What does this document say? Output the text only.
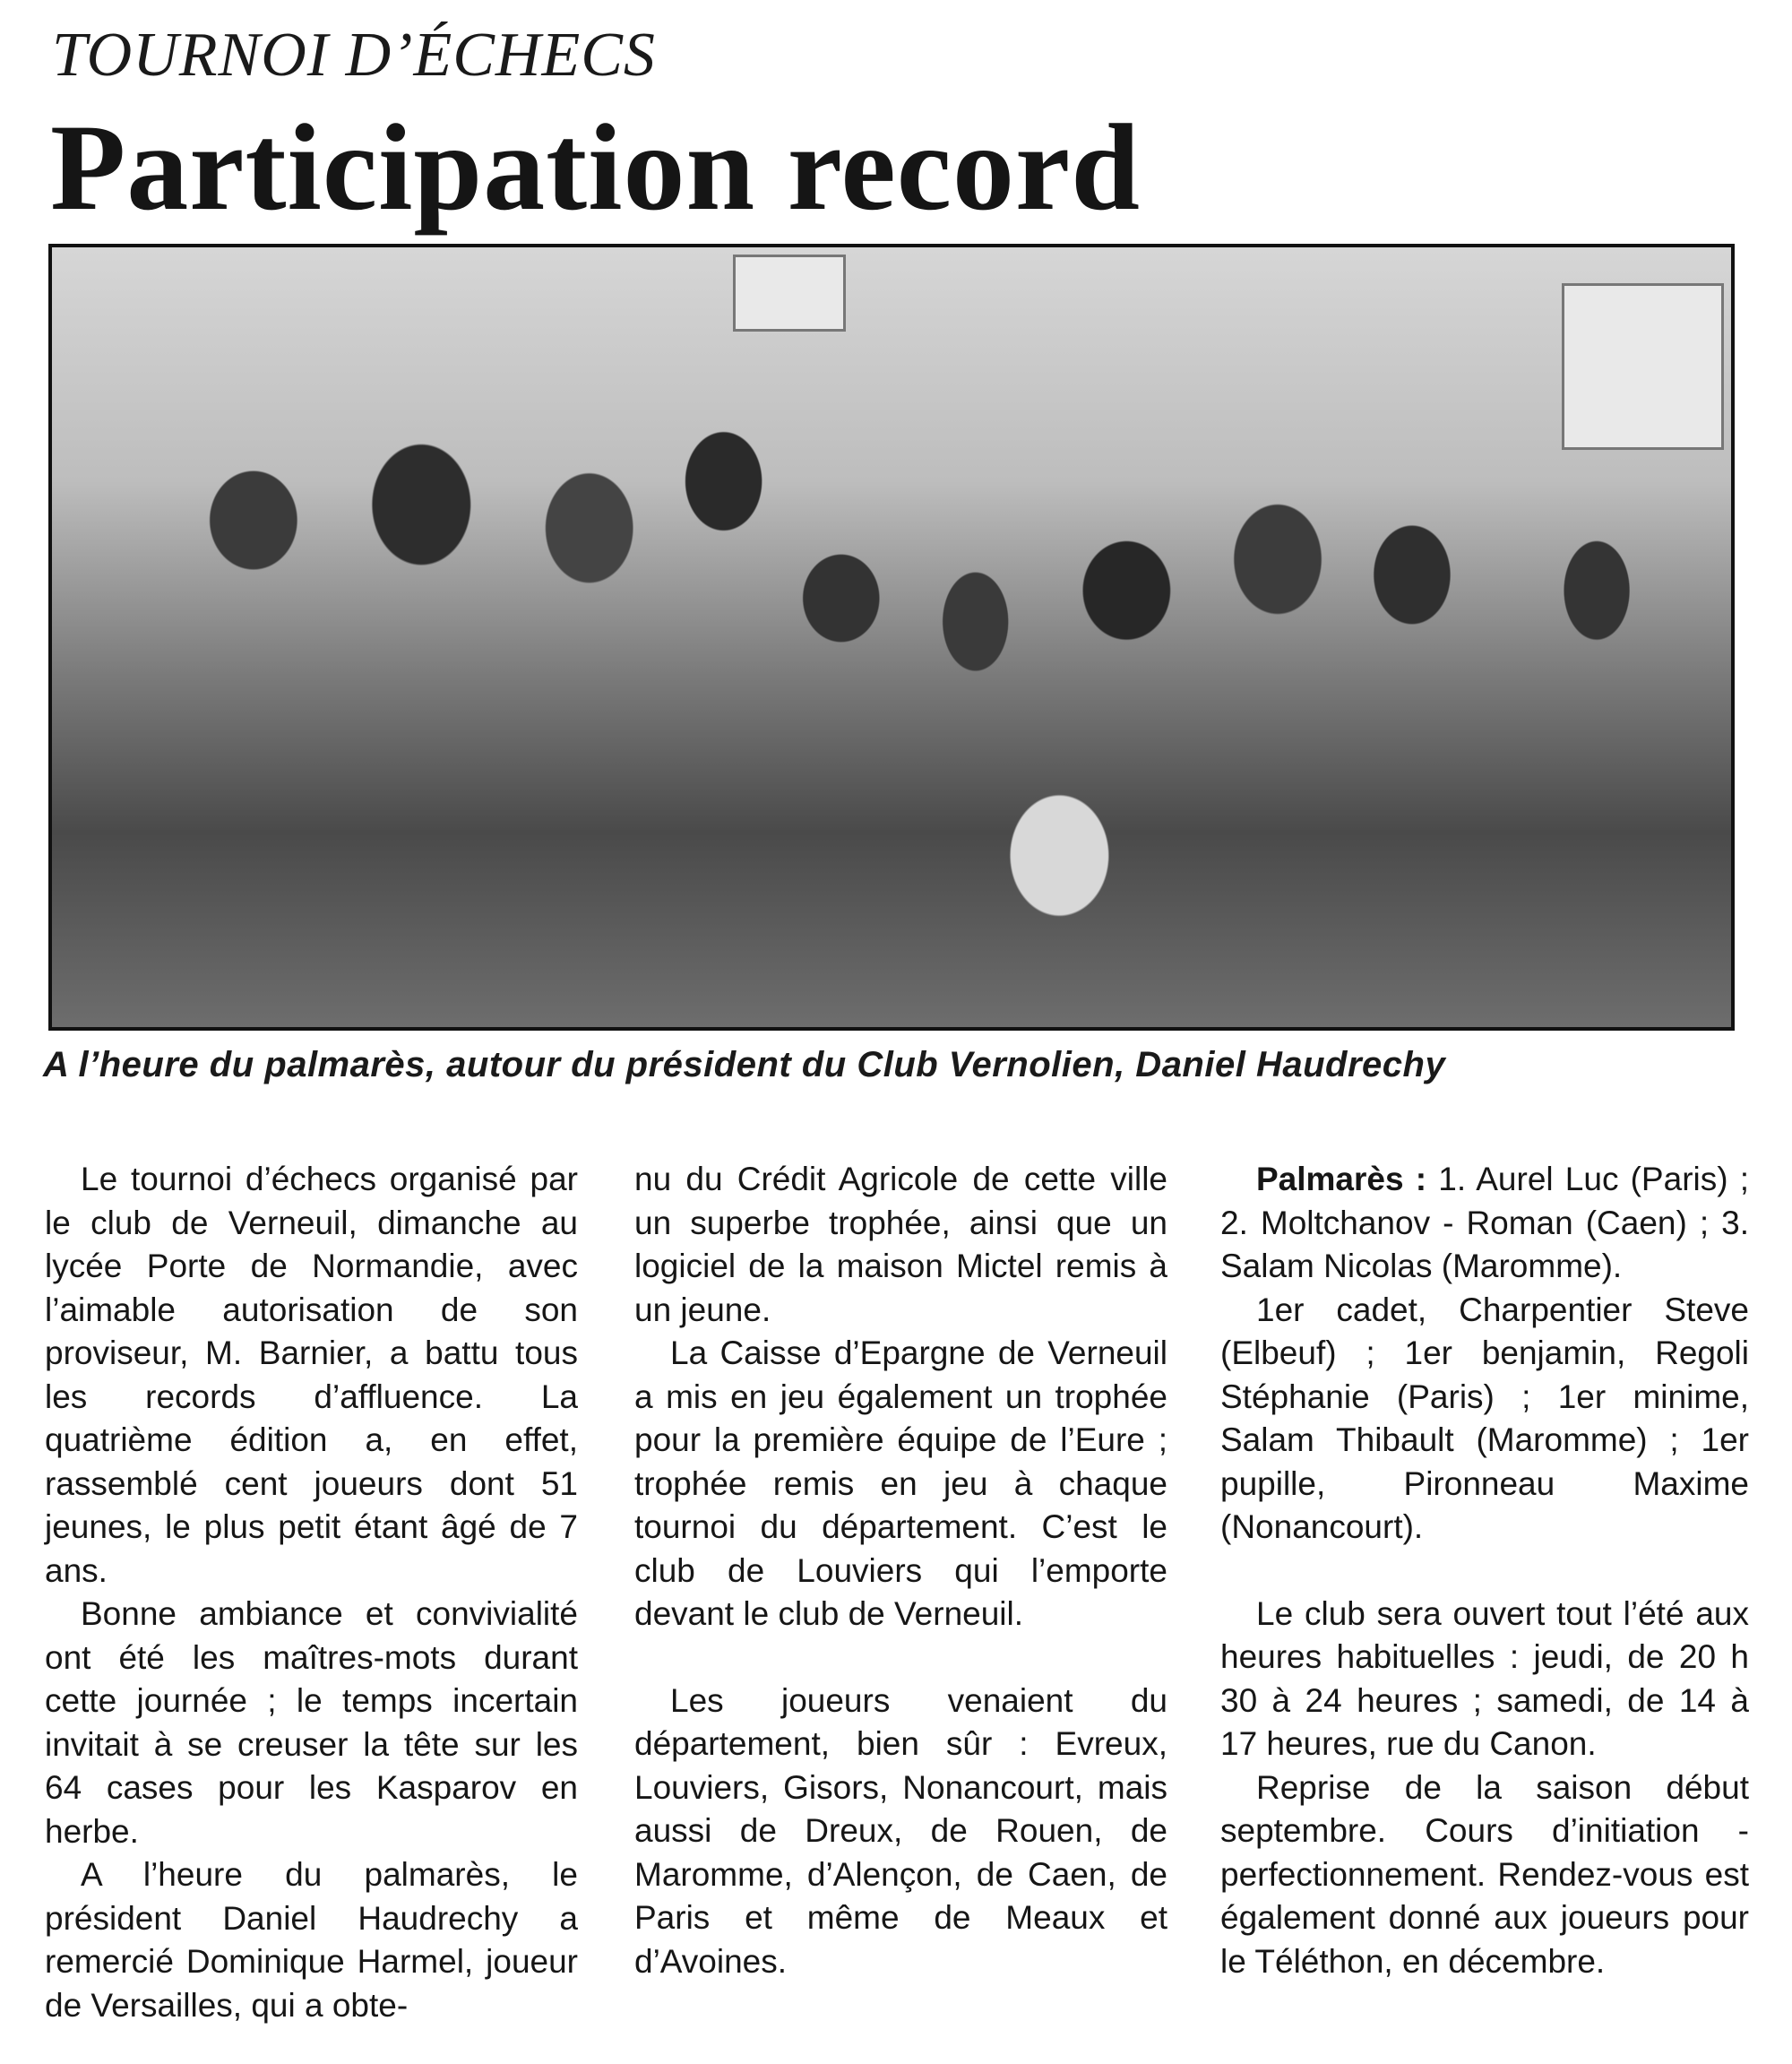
TOURNOI D’ÉCHECS
Participation record
A l’heure du palmarès, autour du président du Club Vernolien, Daniel Haudrechy

Le tournoi d’échecs organisé par le club de Verneuil, dimanche au lycée Porte de Normandie, avec l’aimable autorisation de son proviseur, M. Barnier, a battu tous les records d’affluence. La quatrième édition a, en effet, rassemblé cent joueurs dont 51 jeunes, le plus petit étant âgé de 7 ans.

Bonne ambiance et convivialité ont été les maîtres-mots durant cette journée ; le temps incertain invitait à se creuser la tête sur les 64 cases pour les Kasparov en herbe.

A l’heure du palmarès, le président Daniel Haudrechy a remercié Dominique Harmel, joueur de Versailles, qui a obte-

nu du Crédit Agricole de cette ville un superbe trophée, ainsi que un logiciel de la maison Mictel remis à un jeune.

La Caisse d’Epargne de Verneuil a mis en jeu également un trophée pour la première équipe de l’Eure ; trophée remis en jeu à chaque tournoi du département. C’est le club de Louviers qui l’emporte devant le club de Verneuil.

Les joueurs venaient du département, bien sûr : Evreux, Louviers, Gisors, Nonancourt, mais aussi de Dreux, de Rouen, de Maromme, d’Alençon, de Caen, de Paris et même de Meaux et d’Avoines.

Palmarès : 1. Aurel Luc (Paris) ; 2. Moltchanov - Roman (Caen) ; 3. Salam Nicolas (Maromme).

1er cadet, Charpentier Steve (Elbeuf) ; 1er benjamin, Regoli Stéphanie (Paris) ; 1er minime, Salam Thibault (Maromme) ; 1er pupille, Pironneau Maxime (Nonancourt).

Le club sera ouvert tout l’été aux heures habituelles : jeudi, de 20 h 30 à 24 heures ; samedi, de 14 à 17 heures, rue du Canon.

Reprise de la saison début septembre. Cours d’initiation - perfectionnement. Rendez-vous est également donné aux joueurs pour le Téléthon, en décembre.
